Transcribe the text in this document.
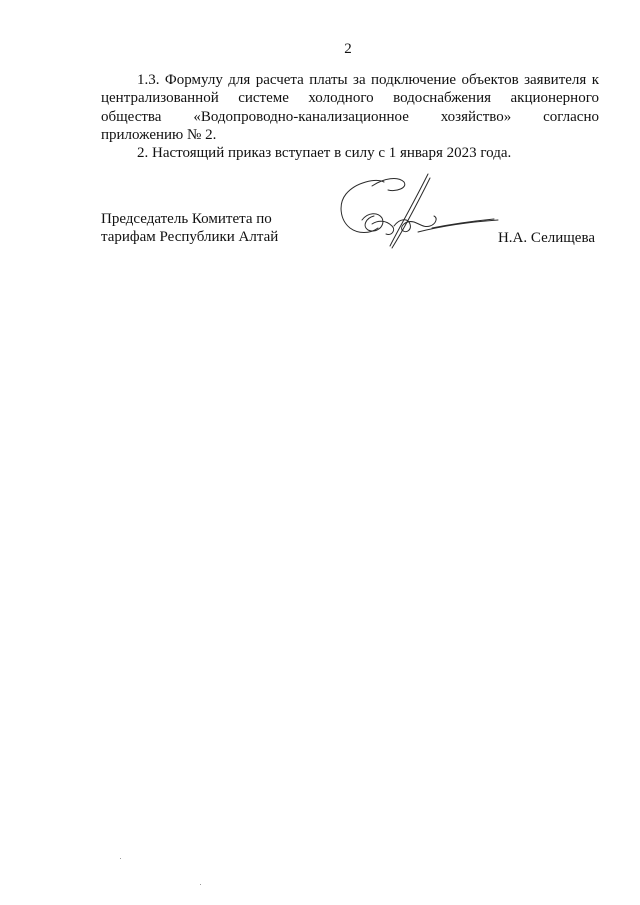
2

1.3. Формулу для расчета платы за подключение объектов заявителя к централизованной системе холодного водоснабжения акционерного общества «Водопроводно-канализационное хозяйство» согласно приложению № 2.

2. Настоящий приказ вступает в силу с 1 января 2023 года.

Председатель Комитета по
тарифам Республики Алтай	Н.А. Селищева
